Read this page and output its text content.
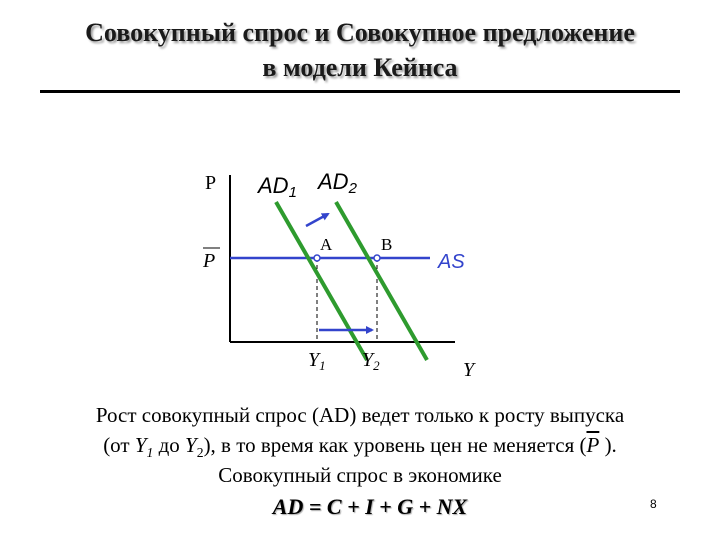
Совокупный спрос и Совокупное предложение
в модели Кейнса
P
P
AD1 AD2
A	B
AS
$Y_1$ $Y_2$	Y
Рост совокупный спрос (AD) ведет только к росту выпуска
(от $Y_1$ до $Y_2$), в то время как уровень цен не меняется ($\overline{P}$ ).
Совокупный спрос в экономике
AD = C + I + G + NX	8
